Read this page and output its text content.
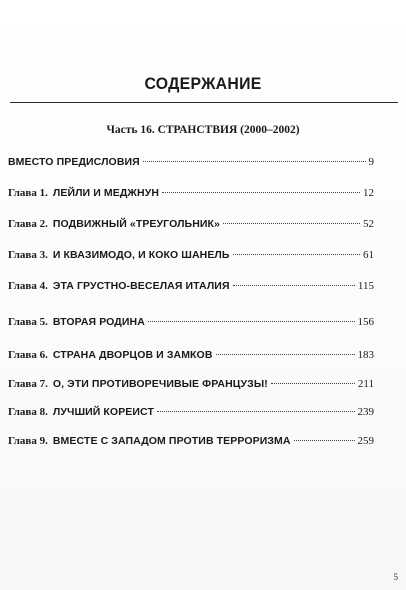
СОДЕРЖАНИЕ
Часть 16. СТРАНСТВИЯ (2000–2002)
ВМЕСТО ПРЕДИСЛОВИЯ	9
Глава 1. ЛЕЙЛИ И МЕДЖНУН	12
Глава 2. ПОДВИЖНЫЙ «ТРЕУГОЛЬНИК»	52
Глава 3. И КВАЗИМОДО, И КОКО ШАНЕЛЬ	61
Глава 4. ЭТА ГРУСТНО-ВЕСЕЛАЯ ИТАЛИЯ	115
Глава 5. ВТОРАЯ РОДИНА	156
Глава 6. СТРАНА ДВОРЦОВ И ЗАМКОВ	183
Глава 7. О, ЭТИ ПРОТИВОРЕЧИВЫЕ ФРАНЦУЗЫ!	211
Глава 8. ЛУЧШИЙ КОРЕИСТ	239
Глава 9. ВМЕСТЕ С ЗАПАДОМ ПРОТИВ ТЕРРОРИЗМА	259
5
